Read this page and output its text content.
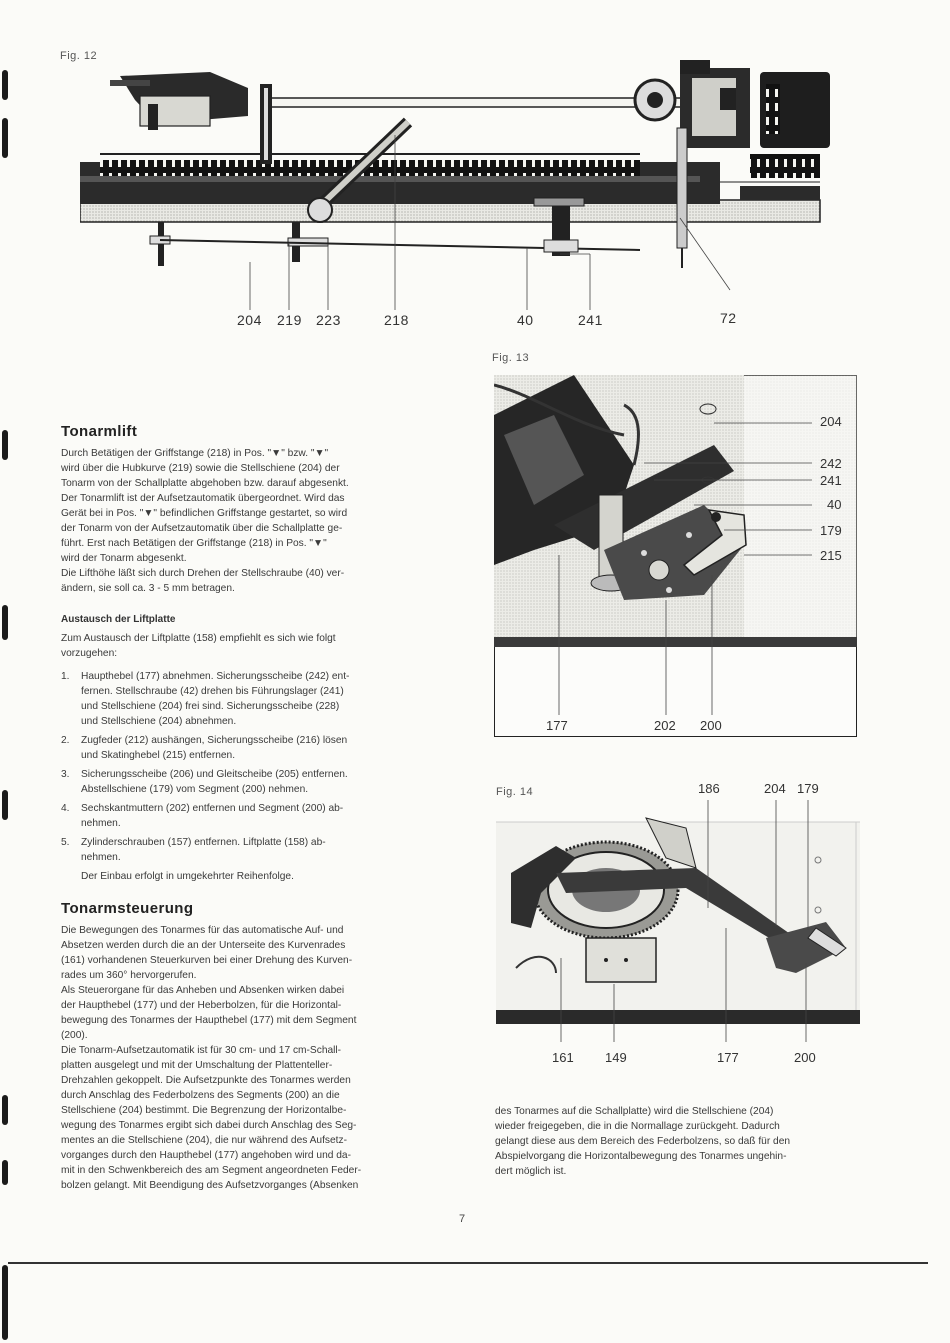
Fig. 12
204 219 223	218	40	241	72
Fig. 13
204
242
241
40
179
215
177	202 200
Fig. 14	186	204 179
161 149	177	200
Tonarmlift

Durch Betätigen der Griffstange (218) in Pos. "▼" bzw. "▼"
wird über die Hubkurve (219) sowie die Stellschiene (204) der
Tonarm von der Schallplatte abgehoben bzw. darauf abgesenkt.
Der Tonarmlift ist der Aufsetzautomatik übergeordnet. Wird das
Gerät bei in Pos. "▼" befindlichen Griffstange gestartet, so wird
der Tonarm von der Aufsetzautomatik über die Schallplatte ge-
führt. Erst nach Betätigen der Griffstange (218) in Pos. "▼"
wird der Tonarm abgesenkt.
Die Lifthöhe läßt sich durch Drehen der Stellschraube (40) ver-
ändern, sie soll ca. 3 - 5 mm betragen.

Austausch der Liftplatte

Zum Austausch der Liftplatte (158) empfiehlt es sich wie folgt
vorzugehen:

1. Haupthebel (177) abnehmen. Sicherungsscheibe (242) ent-
fernen. Stellschraube (42) drehen bis Führungslager (241)
und Stellschiene (204) frei sind. Sicherungsscheibe (228)
und Stellschiene (204) abnehmen.
2. Zugfeder (212) aushängen, Sicherungsscheibe (216) lösen
und Skatinghebel (215) entfernen.
3. Sicherungsscheibe (206) und Gleitscheibe (205) entfernen.
Abstellschiene (179) vom Segment (200) nehmen.
4. Sechskantmuttern (202) entfernen und Segment (200) ab-
nehmen.
5. Zylinderschrauben (157) entfernen. Liftplatte (158) ab-
nehmen.

Der Einbau erfolgt in umgekehrter Reihenfolge.

Tonarmsteuerung

Die Bewegungen des Tonarmes für das automatische Auf- und
Absetzen werden durch die an der Unterseite des Kurvenrades
(161) vorhandenen Steuerkurven bei einer Drehung des Kurven-
rades um 360° hervorgerufen.
Als Steuerorgane für das Anheben und Absenken wirken dabei
der Haupthebel (177) und der Heberbolzen, für die Horizontal-
bewegung des Tonarmes der Haupthebel (177) mit dem Segment
(200).
Die Tonarm-Aufsetzautomatik ist für 30 cm- und 17 cm-Schall-
platten ausgelegt und mit der Umschaltung der Plattenteller-
Drehzahlen gekoppelt. Die Aufsetzpunkte des Tonarmes werden
durch Anschlag des Federbolzens des Segments (200) an die
Stellschiene (204) bestimmt. Die Begrenzung der Horizontalbe-
wegung des Tonarmes ergibt sich dabei durch Anschlag des Seg-
mentes an die Stellschiene (204), die nur während des Aufsetz-
vorganges durch den Haupthebel (177) angehoben wird und da-
mit in den Schwenkbereich des am Segment angeordneten Feder-
bolzen gelangt. Mit Beendigung des Aufsetzvorganges (Absenken

des Tonarmes auf die Schallplatte) wird die Stellschiene (204)
wieder freigegeben, die in die Normallage zurückgeht. Dadurch
gelangt diese aus dem Bereich des Federbolzens, so daß für den
Abspielvorgang die Horizontalbewegung des Tonarmes ungehin-
dert möglich ist.

7
